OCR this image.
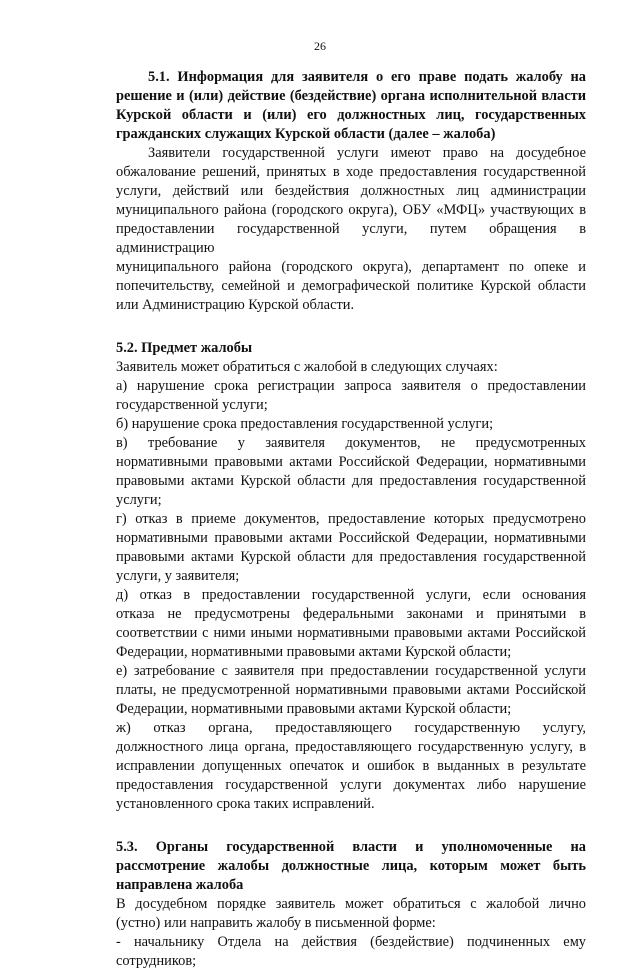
26
5.1. Информация для заявителя о его праве подать жалобу на
решение и (или) действие (бездействие) органа исполнительной власти
Курской области и (или) его должностных лиц, государственных
гражданских служащих Курской области (далее – жалоба)
Заявители государственной услуги имеют право на досудебное
обжалование решений, принятых в ходе предоставления государственной
услуги, действий или бездействия должностных лиц администрации
муниципального района (городского округа), ОБУ «МФЦ» участвующих в
предоставлении государственной услуги, путем обращения в администрацию
муниципального района (городского округа), департамент по опеке и
попечительству, семейной и демографической политике Курской области
или Администрацию Курской области.
5.2. Предмет жалобы
Заявитель может обратиться с жалобой в следующих случаях:
а) нарушение срока регистрации запроса заявителя о предоставлении
государственной услуги;
б) нарушение срока предоставления государственной услуги;
в) требование у заявителя документов, не предусмотренных
нормативными правовыми актами Российской Федерации, нормативными
правовыми актами Курской области для предоставления государственной
услуги;
г) отказ в приеме документов, предоставление которых предусмотрено
нормативными правовыми актами Российской Федерации, нормативными
правовыми актами Курской области для предоставления государственной
услуги, у заявителя;
д) отказ в предоставлении государственной услуги, если основания
отказа не предусмотрены федеральными законами и принятыми в
соответствии с ними иными нормативными правовыми актами Российской
Федерации, нормативными правовыми актами Курской области;
е) затребование с заявителя при предоставлении государственной услуги
платы, не предусмотренной нормативными правовыми актами Российской
Федерации, нормативными правовыми актами Курской области;
ж) отказ органа, предоставляющего государственную услугу,
должностного лица органа, предоставляющего государственную услугу, в
исправлении допущенных опечаток и ошибок в выданных в результате
предоставления государственной услуги документах либо нарушение
установленного срока таких исправлений.
5.3. Органы государственной власти и уполномоченные на
рассмотрение жалобы должностные лица, которым может быть
направлена жалоба
В досудебном порядке заявитель может обратиться с жалобой лично
(устно) или направить жалобу в письменной форме:
- начальнику Отдела на действия (бездействие) подчиненных ему
сотрудников;
